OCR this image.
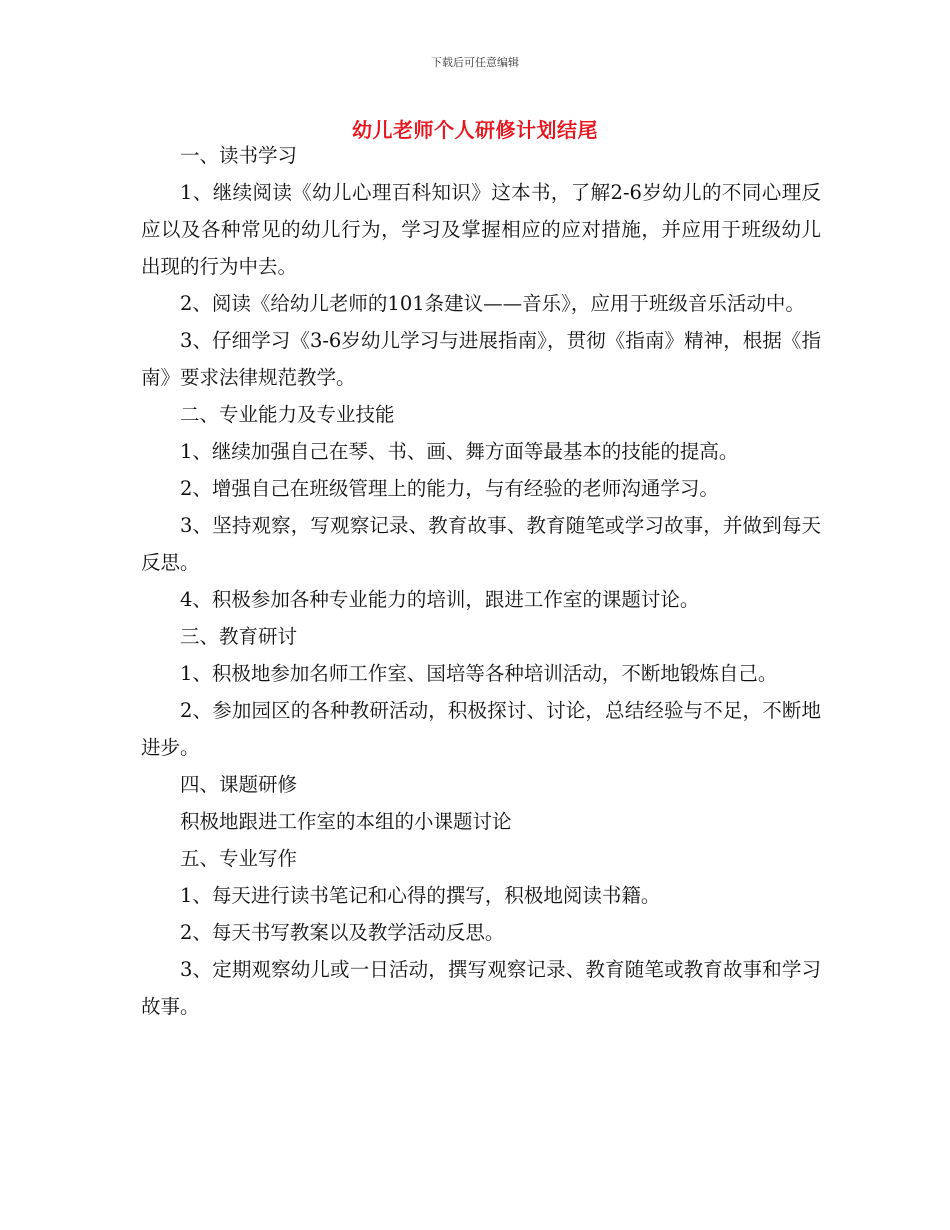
下载后可任意编辑
幼儿老师个人研修计划结尾

一、读书学习

1、继续阅读《幼儿心理百科知识》这本书，了解2-6岁幼儿的不同心理反应以及各种常见的幼儿行为，学习及掌握相应的应对措施，并应用于班级幼儿出现的行为中去。

2、阅读《给幼儿老师的101条建议——音乐》，应用于班级音乐活动中。

3、仔细学习《3-6岁幼儿学习与进展指南》，贯彻《指南》精神，根据《指南》要求法律规范教学。

二、专业能力及专业技能

1、继续加强自己在琴、书、画、舞方面等最基本的技能的提高。

2、增强自己在班级管理上的能力，与有经验的老师沟通学习。

3、坚持观察，写观察记录、教育故事、教育随笔或学习故事，并做到每天反思。

4、积极参加各种专业能力的培训，跟进工作室的课题讨论。

三、教育研讨

1、积极地参加名师工作室、国培等各种培训活动，不断地锻炼自己。

2、参加园区的各种教研活动，积极探讨、讨论，总结经验与不足，不断地进步。

四、课题研修

积极地跟进工作室的本组的小课题讨论

五、专业写作

1、每天进行读书笔记和心得的撰写，积极地阅读书籍。

2、每天书写教案以及教学活动反思。

3、定期观察幼儿或一日活动，撰写观察记录、教育随笔或教育故事和学习故事。
